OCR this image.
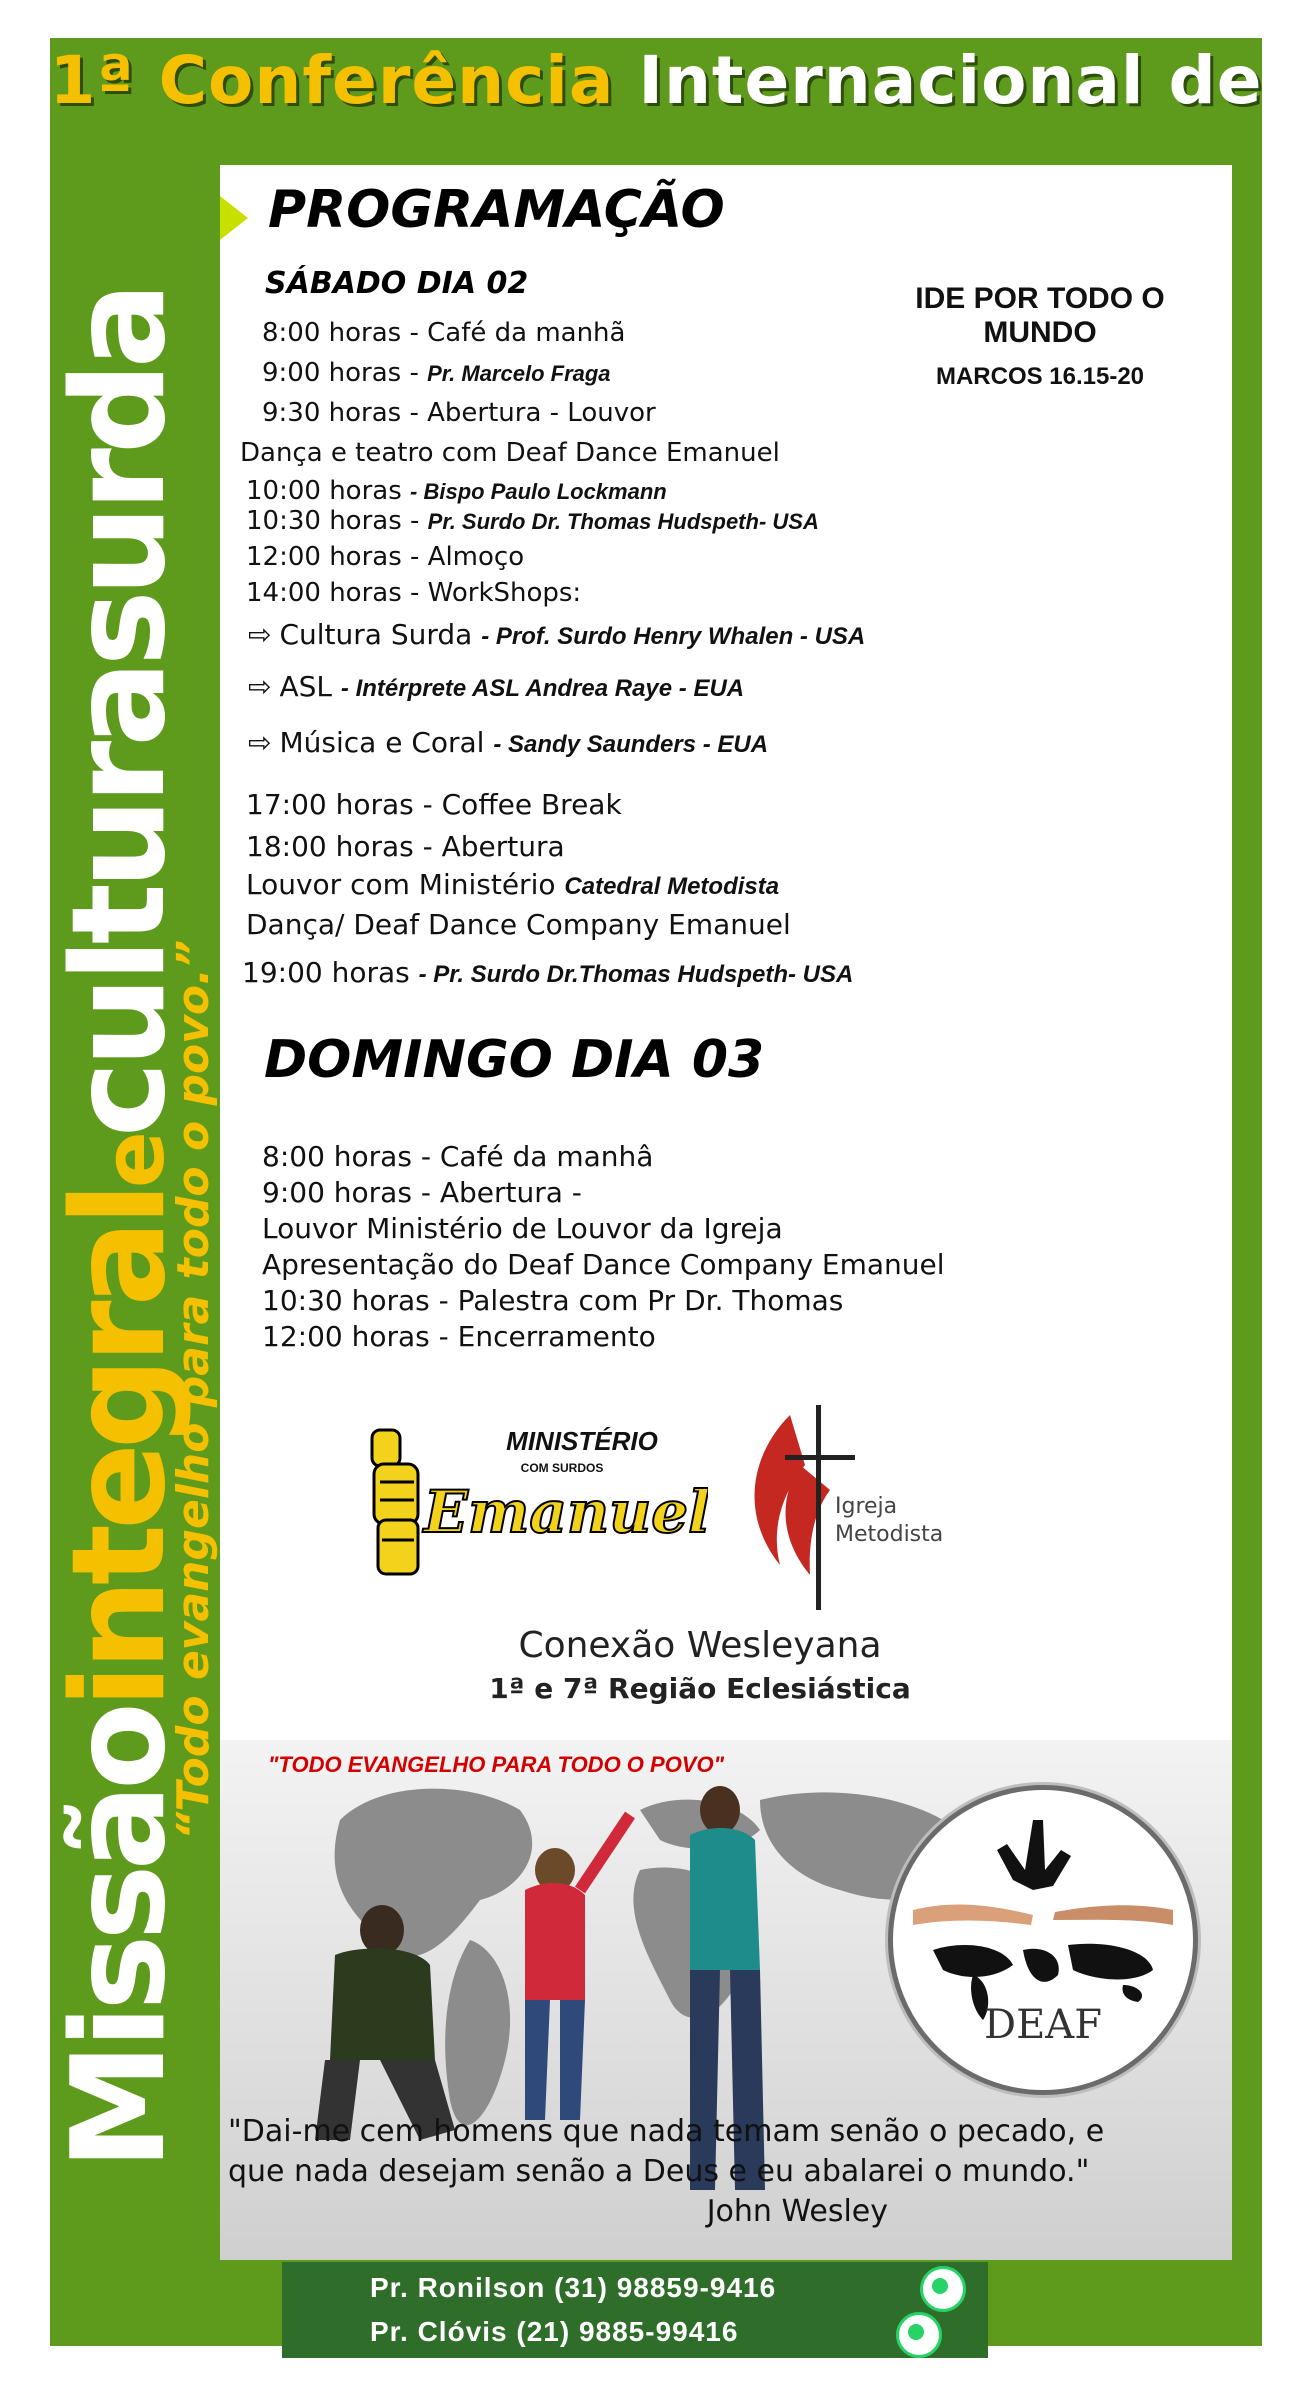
1ª Conferência Internacional de
Missãointegraleculturasurda
“Todo evangelho para todo o povo.”
PROGRAMAÇÃO
IDE POR TODO O
MUNDO
MARCOS 16.15-20
SÁBADO DIA 02
8:00 horas - Café da manhã
9:00 horas - Pr. Marcelo Fraga
9:30 horas - Abertura - Louvor
Dança e teatro com Deaf Dance Emanuel
10:00 horas - Bispo Paulo Lockmann
10:30 horas - Pr. Surdo Dr. Thomas Hudspeth- USA
12:00 horas - Almoço
14:00 horas - WorkShops:
⇨ Cultura Surda - Prof. Surdo Henry Whalen - USA
⇨ ASL - Intérprete ASL Andrea Raye - EUA
⇨ Música e Coral - Sandy Saunders - EUA
17:00 horas - Coffee Break
18:00 horas - Abertura
Louvor com Ministério Catedral Metodista
Dança/ Deaf Dance Company Emanuel
19:00 horas - Pr. Surdo Dr.Thomas Hudspeth- USA
DOMINGO DIA 03
8:00 horas - Café da manhâ
9:00 horas - Abertura -
Louvor Ministério de Louvor da Igreja
Apresentação do Deaf Dance Company Emanuel
10:30 horas - Palestra com Pr Dr. Thomas
12:00 horas - Encerramento
MINISTÉRIO
COM SURDOS
Emanuel	Igreja
Metodista
Conexão Wesleyana
1ª e 7ª Região Eclesiástica
"TODO EVANGELHO PARA TODO O POVO"
DEAF
"Dai-me cem homens que nada temam senão o pecado, e
que nada desejam senão a Deus e eu abalarei o mundo."
John Wesley
Pr. Ronilson (31) 98859-9416
Pr. Clóvis (21) 9885-99416
